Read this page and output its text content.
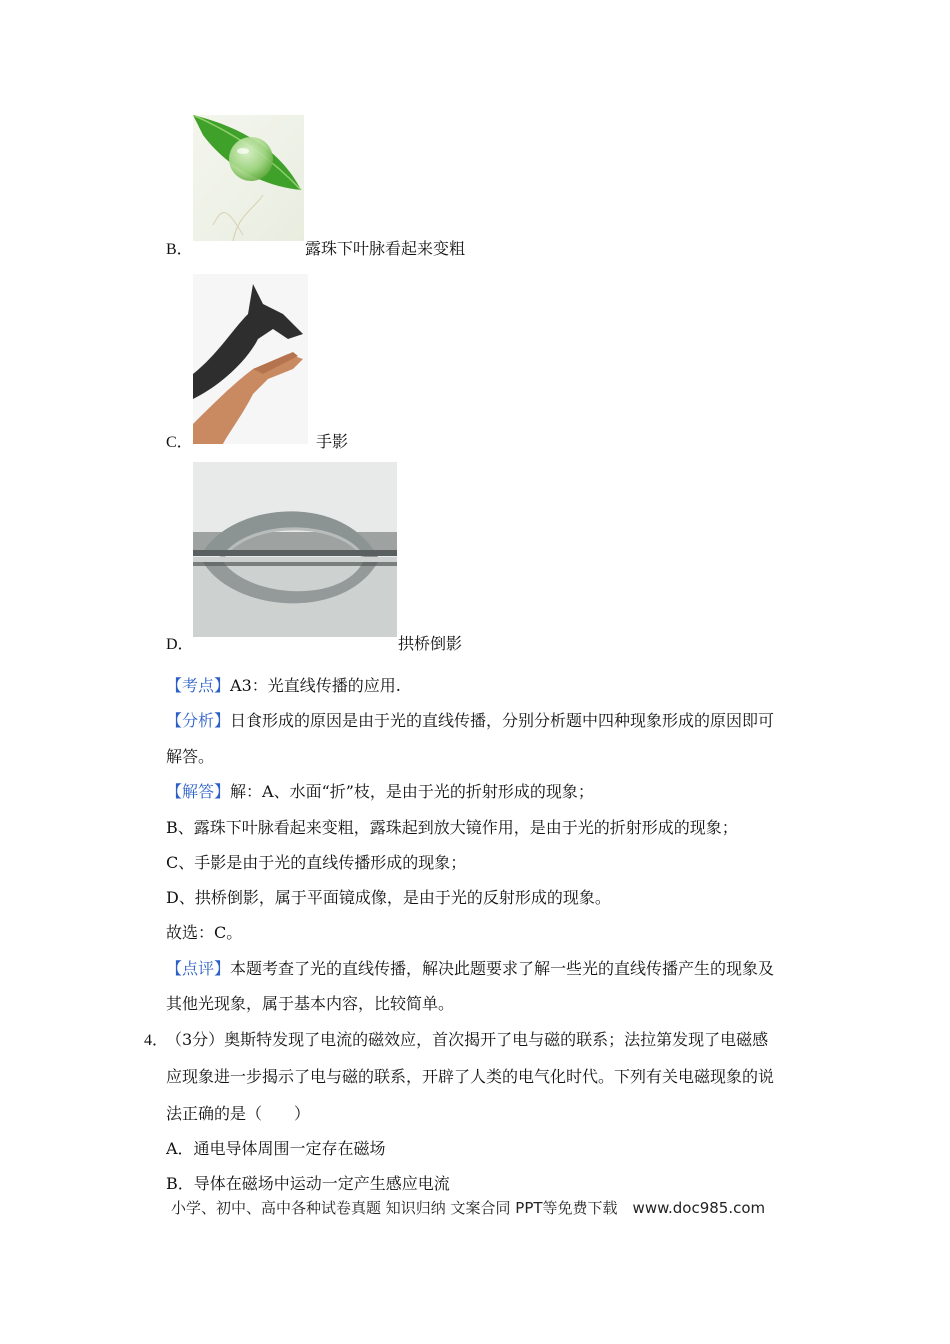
B．	露珠下叶脉看起来变粗
C．	手影
D．	拱桥倒影
【考点】A3：光直线传播的应用.
【分析】日食形成的原因是由于光的直线传播，分别分析题中四种现象形成的原因即可
解答。
【解答】解：A、水面“折”枝，是由于光的折射形成的现象；
B、露珠下叶脉看起来变粗，露珠起到放大镜作用，是由于光的折射形成的现象；
C、手影是由于光的直线传播形成的现象；
D、拱桥倒影，属于平面镜成像，是由于光的反射形成的现象。
故选：C。
【点评】本题考查了光的直线传播，解决此题要求了解一些光的直线传播产生的现象及
其他光现象，属于基本内容，比较简单。
4．
（3分）奥斯特发现了电流的磁效应，首次揭开了电与磁的联系；法拉第发现了电磁感
应现象进一步揭示了电与磁的联系，开辟了人类的电气化时代。下列有关电磁现象的说
法正确的是（　　）
A．通电导体周围一定存在磁场
B．导体在磁场中运动一定产生感应电流
小学、初中、高中各种试卷真题 知识归纳 文案合同 PPT等免费下载　www.doc985.com
